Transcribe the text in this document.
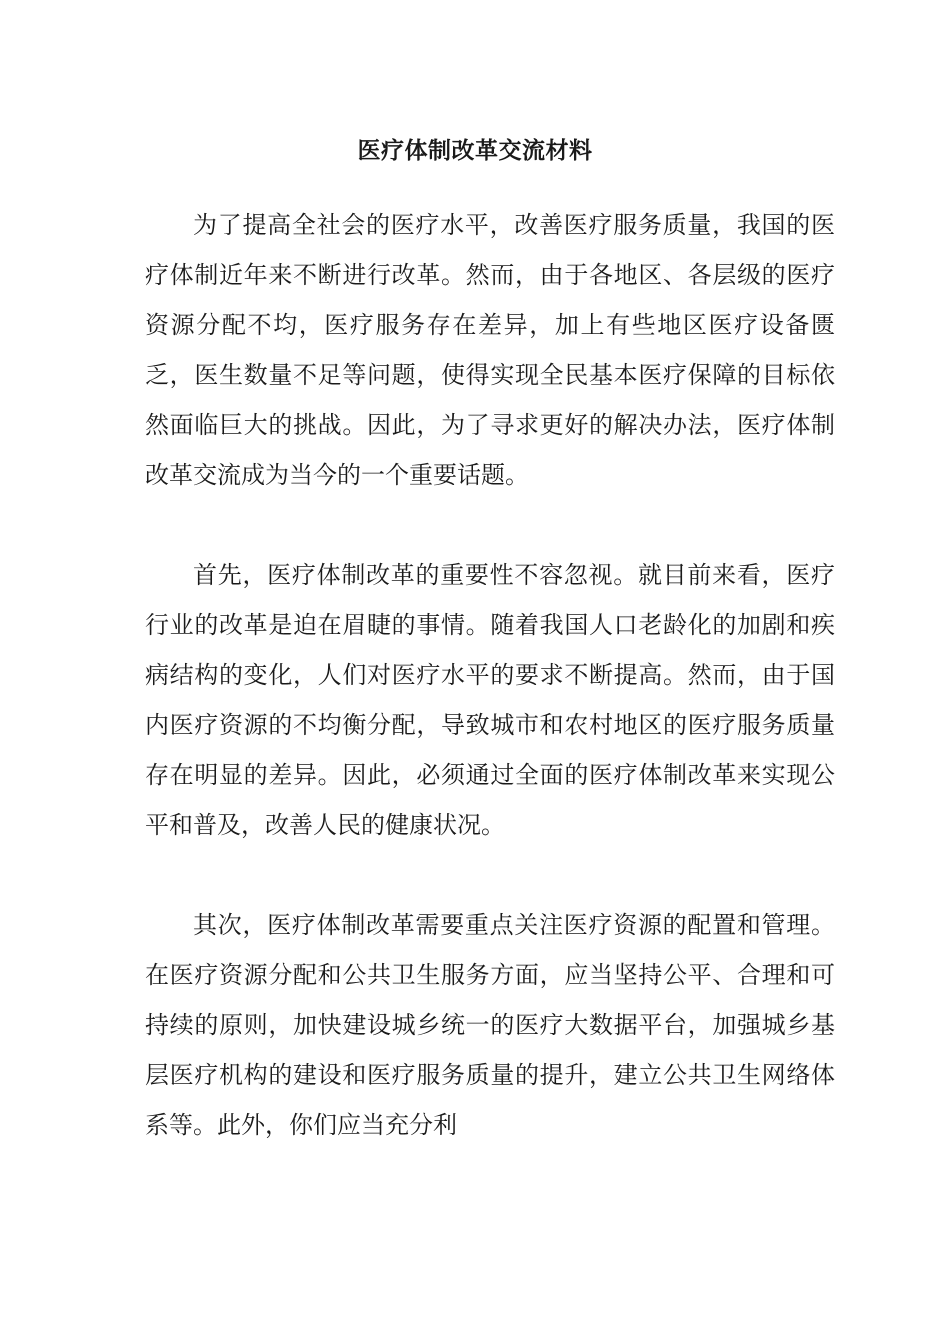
医疗体制改革交流材料

为了提高全社会的医疗水平，改善医疗服务质量，我国的医疗体制近年来不断进行改革。然而，由于各地区、各层级的医疗资源分配不均，医疗服务存在差异，加上有些地区医疗设备匮乏，医生数量不足等问题，使得实现全民基本医疗保障的目标依然面临巨大的挑战。因此，为了寻求更好的解决办法，医疗体制改革交流成为当今的一个重要话题。

首先，医疗体制改革的重要性不容忽视。就目前来看，医疗行业的改革是迫在眉睫的事情。随着我国人口老龄化的加剧和疾病结构的变化，人们对医疗水平的要求不断提高。然而，由于国内医疗资源的不均衡分配，导致城市和农村地区的医疗服务质量存在明显的差异。因此，必须通过全面的医疗体制改革来实现公平和普及，改善人民的健康状况。

其次，医疗体制改革需要重点关注医疗资源的配置和管理。在医疗资源分配和公共卫生服务方面，应当坚持公平、合理和可持续的原则，加快建设城乡统一的医疗大数据平台，加强城乡基层医疗机构的建设和医疗服务质量的提升，建立公共卫生网络体系等。此外，你们应当充分利
